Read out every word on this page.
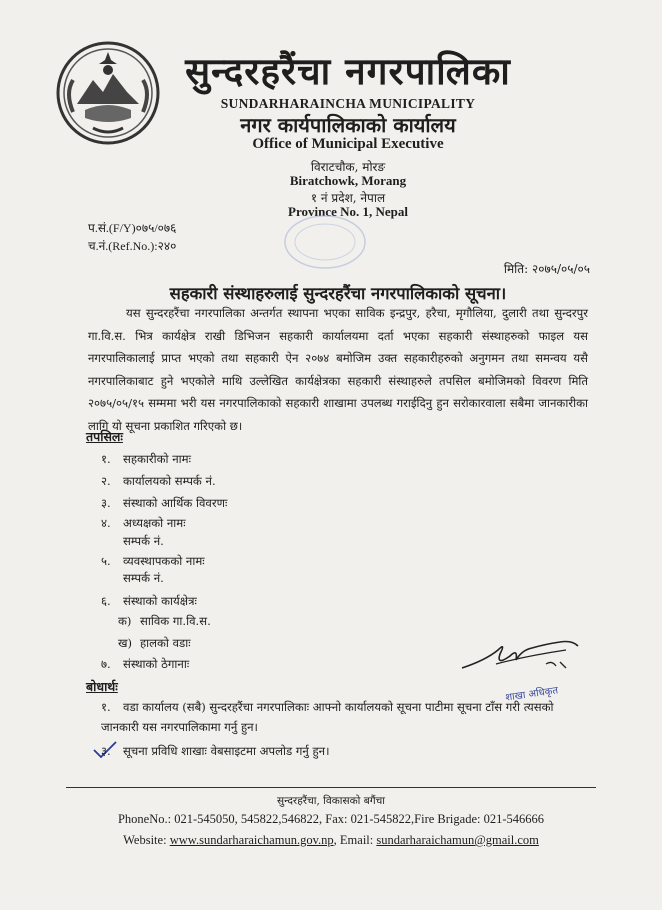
सुन्दरहरैंचा नगरपालिका
SUNDARHARAINCHA MUNICIPALITY
नगर कार्यपालिकाको कार्यालय
Office of Municipal Executive
विराटचौक, मोरङ
Biratchowk, Morang
१ नं प्रदेश, नेपाल
Province No. 1, Nepal
प.सं.(F/Y)०७५/०७६
च.नं.(Ref.No.):२४०
मिति: २०७५/०५/०५
सहकारी संस्थाहरुलाई सुन्दरहरैंचा नगरपालिकाको सूचना।
यस सुन्दरहरैंचा नगरपालिका अन्तर्गत स्थापना भएका साविक इन्द्रपुर, हरैचा, मृगौलिया, दुलारी तथा सुन्दरपुर गा.वि.स. भित्र कार्यक्षेत्र राखी डिभिजन सहकारी कार्यालयमा दर्ता भएका सहकारी संस्थाहरुको फाइल यस नगरपालिकालाई प्राप्त भएको तथा सहकारी ऐन २०७४ बमोजिम उक्त सहकारीहरुको अनुगमन तथा समन्वय यसै नगरपालिकाबाट हुने भएकोले माथि उल्लेखित कार्यक्षेत्रका सहकारी संस्थाहरुले तपसिल बमोजिमको विवरण मिति २०७५/०५/१५ सम्ममा भरी यस नगरपालिकाको सहकारी शाखामा उपलब्ध गराईदिनु हुन सरोकारवाला सबैमा जानकारीका लागि यो सूचना प्रकाशित गरिएको छ।
तपसिलः
१. सहकारीको नामः
२. कार्यालयको सम्पर्क नं.
३. संस्थाको आर्थिक विवरणः
४. अध्यक्षको नामः
सम्पर्क नं.
५. व्यवस्थापकको नामः
सम्पर्क नं.
६. संस्थाको कार्यक्षेत्रः
क) साविक गा.वि.स.
ख) हालको वडाः
७. संस्थाको ठेगानाः
शाखा अधिकृत
बोधार्थः
१. वडा कार्यालय (सबै) सुन्दरहरैंचा नगरपालिकाः आफ्नो कार्यालयको सूचना पाटीमा सूचना टाँस गरी त्यसको जानकारी यस नगरपालिकामा गर्नु हुन।
३. सूचना प्रविधि शाखाः वेबसाइटमा अपलोड गर्नु हुन।
सुन्दरहरैंचा, विकासको बगैंचा
PhoneNo.: 021-545050, 545822,546822, Fax: 021-545822,Fire Brigade: 021-546666
Website: www.sundarharaichamun.gov.np, Email: sundarharaichamun@gmail.com
